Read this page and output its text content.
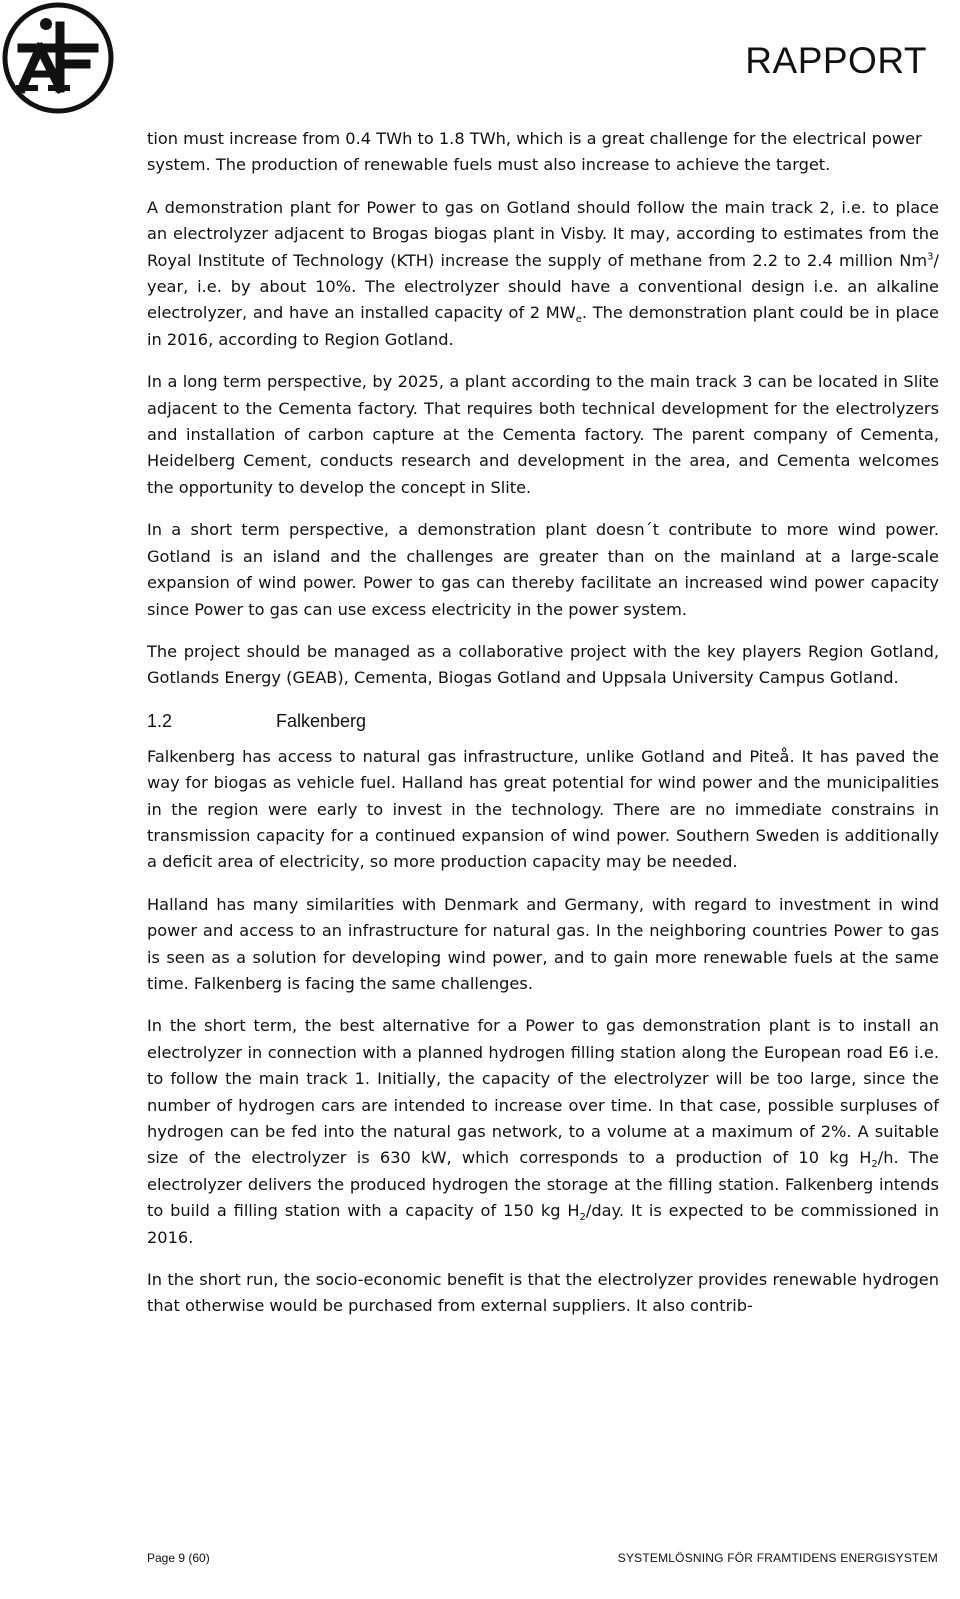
RAPPORT

tion must increase from 0.4 TWh to 1.8 TWh, which is a great challenge for the electrical power system. The production of renewable fuels must also increase to achieve the target.

A demonstration plant for Power to gas on Gotland should follow the main track 2, i.e. to place an electrolyzer adjacent to Brogas biogas plant in Visby. It may, according to estimates from the Royal Institute of Technology (KTH) increase the supply of methane from 2.2 to 2.4 million Nm$^3$/ year, i.e. by about 10%. The electrolyzer should have a conventional design i.e. an alkaline electrolyzer, and have an installed capacity of 2 $MW_e$. The demonstration plant could be in place in 2016, according to Region Gotland.

In a long term perspective, by 2025, a plant according to the main track 3 can be located in Slite adjacent to the Cementa factory. That requires both technical development for the electrolyzers and installation of carbon capture at the Cementa factory. The parent company of Cementa, Heidelberg Cement, conducts research and development in the area, and Cementa welcomes the opportunity to develop the concept in Slite.

In a short term perspective, a demonstration plant doesn´t contribute to more wind power. Gotland is an island and the challenges are greater than on the mainland at a large-scale expansion of wind power. Power to gas can thereby facilitate an increased wind power capacity since Power to gas can use excess electricity in the power system.

The project should be managed as a collaborative project with the key players Region Gotland, Gotlands Energy (GEAB), Cementa, Biogas Gotland and Uppsala University Campus Gotland.

1.2	Falkenberg

Falkenberg has access to natural gas infrastructure, unlike Gotland and Piteå. It has paved the way for biogas as vehicle fuel. Halland has great potential for wind power and the municipalities in the region were early to invest in the technology. There are no immediate constrains in transmission capacity for a continued expansion of wind power. Southern Sweden is additionally a deficit area of electricity, so more production capacity may be needed.

Halland has many similarities with Denmark and Germany, with regard to investment in wind power and access to an infrastructure for natural gas. In the neighboring countries Power to gas is seen as a solution for developing wind power, and to gain more renewable fuels at the same time. Falkenberg is facing the same challenges.

In the short term, the best alternative for a Power to gas demonstration plant is to install an electrolyzer in connection with a planned hydrogen filling station along the European road E6 i.e. to follow the main track 1. Initially, the capacity of the electrolyzer will be too large, since the number of hydrogen cars are intended to increase over time. In that case, possible surpluses of hydrogen can be fed into the natural gas network, to a volume at a maximum of 2%. A suitable size of the electrolyzer is 630 kW, which corresponds to a production of 10 kg $H_2/h$. The electrolyzer delivers the produced hydrogen the storage at the filling station. Falkenberg intends to build a filling station with a capacity of 150 kg $H_2$/day. It is expected to be commissioned in 2016.

In the short run, the socio-economic benefit is that the electrolyzer provides renewable hydrogen that otherwise would be purchased from external suppliers. It also contrib-

Page 9 (60)	SYSTEMLÖSNING FÖR FRAMTIDENS ENERGISYSTEM
